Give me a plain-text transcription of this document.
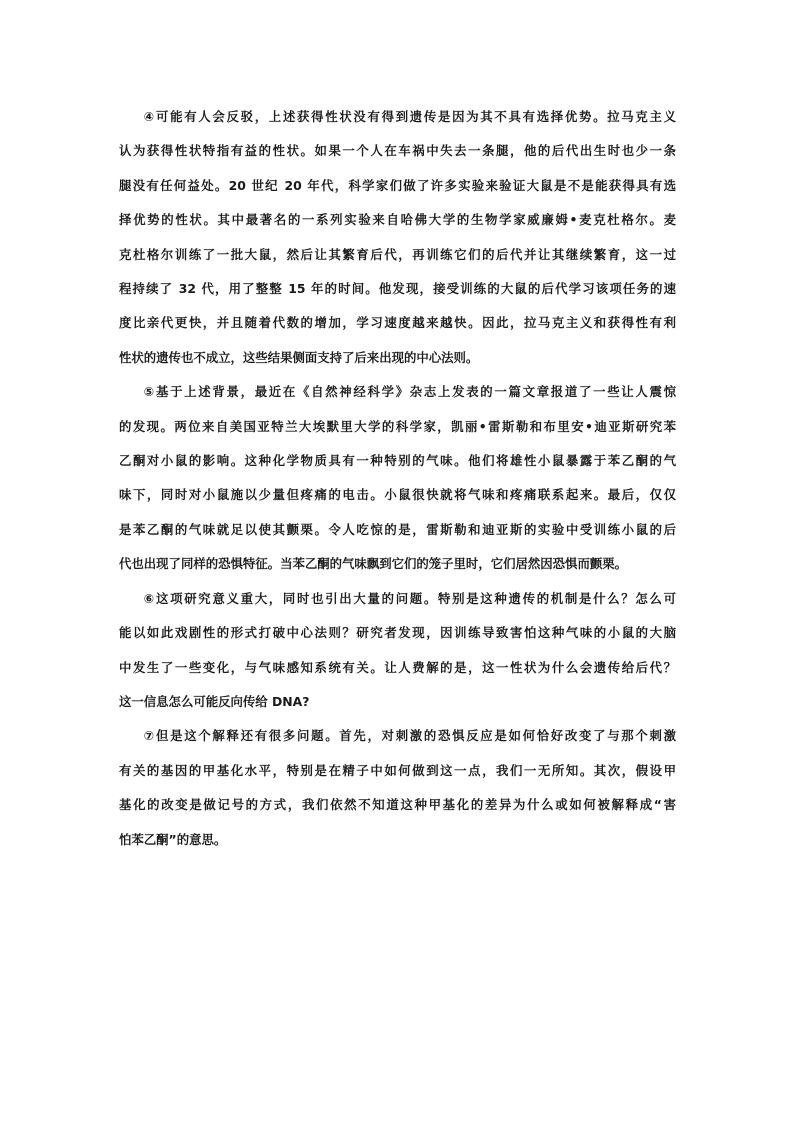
④可能有人会反驳，上述获得性状没有得到遗传是因为其不具有选择优势。拉马克主义
认为获得性状特指有益的性状。如果一个人在车祸中失去一条腿，他的后代出生时也少一条
腿没有任何益处。20 世纪 20 年代，科学家们做了许多实验来验证大鼠是不是能获得具有选
择优势的性状。其中最著名的一系列实验来自哈佛大学的生物学家威廉姆•麦克杜格尔。麦
克杜格尔训练了一批大鼠，然后让其繁育后代，再训练它们的后代并让其继续繁育，这一过
程持续了 32 代，用了整整 15 年的时间。他发现，接受训练的大鼠的后代学习该项任务的速
度比亲代更快，并且随着代数的增加，学习速度越来越快。因此，拉马克主义和获得性有利
性状的遗传也不成立，这些结果侧面支持了后来出现的中心法则。

⑤基于上述背景，最近在《自然神经科学》杂志上发表的一篇文章报道了一些让人震惊
的发现。两位来自美国亚特兰大埃默里大学的科学家，凯丽•雷斯勒和布里安•迪亚斯研究苯
乙酮对小鼠的影响。这种化学物质具有一种特别的气味。他们将雄性小鼠暴露于苯乙酮的气
味下，同时对小鼠施以少量但疼痛的电击。小鼠很快就将气味和疼痛联系起来。最后，仅仅
是苯乙酮的气味就足以使其颤栗。令人吃惊的是，雷斯勒和迪亚斯的实验中受训练小鼠的后
代也出现了同样的恐惧特征。当苯乙酮的气味飘到它们的笼子里时，它们居然因恐惧而颤栗。

⑥这项研究意义重大，同时也引出大量的问题。特别是这种遗传的机制是什么？怎么可
能以如此戏剧性的形式打破中心法则？研究者发现，因训练导致害怕这种气味的小鼠的大脑
中发生了一些变化，与气味感知系统有关。让人费解的是，这一性状为什么会遗传给后代？
这一信息怎么可能反向传给 DNA?

⑦但是这个解释还有很多问题。首先，对刺激的恐惧反应是如何恰好改变了与那个刺激
有关的基因的甲基化水平，特别是在精子中如何做到这一点，我们一无所知。其次，假设甲
基化的改变是做记号的方式，我们依然不知道这种甲基化的差异为什么或如何被解释成“害
怕苯乙酮”的意思。
